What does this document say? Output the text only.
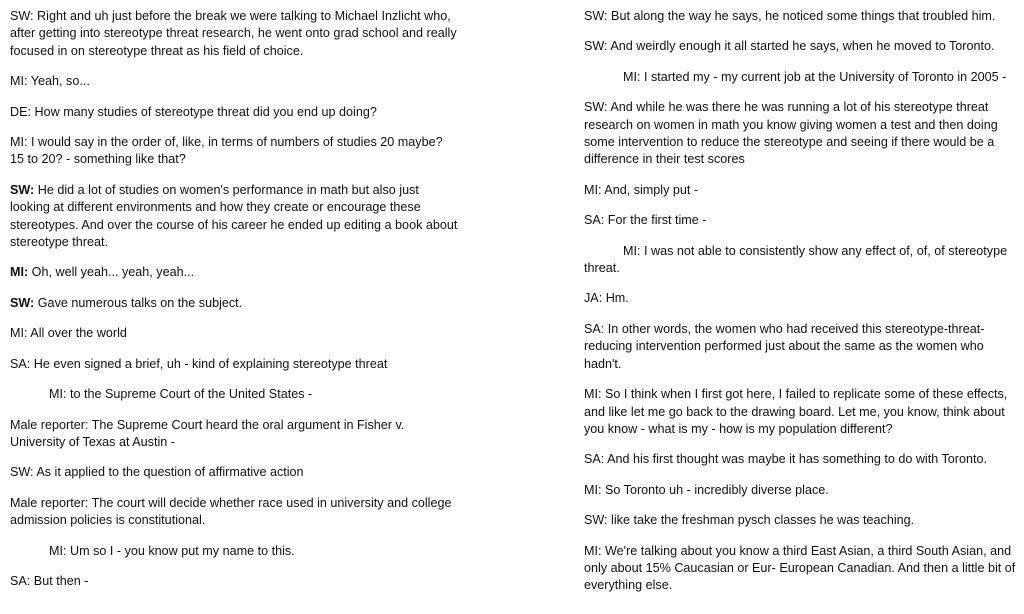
SW: Right and uh just before the break we were talking to Michael Inzlicht who, after getting into stereotype threat research, he went onto grad school and really focused in on stereotype threat as his field of choice.

MI: Yeah, so...

DE: How many studies of stereotype threat did you end up doing?

MI: I would say in the order of, like, in terms of numbers of studies 20 maybe? 15 to 20? - something like that?

SW: He did a lot of studies on women's performance in math but also just looking at different environments and how they create or encourage these stereotypes. And over the course of his career he ended up editing a book about stereotype threat.

MI: Oh, well yeah... yeah, yeah...

SW: Gave numerous talks on the subject.

MI: All over the world

SA: He even signed a brief, uh - kind of explaining stereotype threat

MI: to the Supreme Court of the United States -

Male reporter: The Supreme Court heard the oral argument in Fisher v. University of Texas at Austin -

SW: As it applied to the question of affirmative action

Male reporter: The court will decide whether race used in university and college admission policies is constitutional.

MI: Um so I - you know put my name to this.

SA: But then -

SW: But along the way he says, he noticed some things that troubled him.

SW: And weirdly enough it all started he says, when he moved to Toronto.

MI: I started my - my current job at the University of Toronto in 2005 -

SW: And while he was there he was running a lot of his stereotype threat research on women in math you know giving women a test and then doing some intervention to reduce the stereotype and seeing if there would be a difference in their test scores

MI: And, simply put -

SA: For the first time -

MI: I was not able to consistently show any effect of, of, of stereotype threat.

JA: Hm.

SA: In other words, the women who had received this stereotype-threat-reducing intervention performed just about the same as the women who hadn't.

MI: So I think when I first got here, I failed to replicate some of these effects, and like let me go back to the drawing board. Let me, you know, think about you know - what is my - how is my population different?

SA: And his first thought was maybe it has something to do with Toronto.

MI: So Toronto uh - incredibly diverse place.

SW: like take the freshman pysch classes he was teaching.

MI: We're talking about you know a third East Asian, a third South Asian, and only about 15% Caucasian or Eur- European Canadian. And then a little bit of everything else.
